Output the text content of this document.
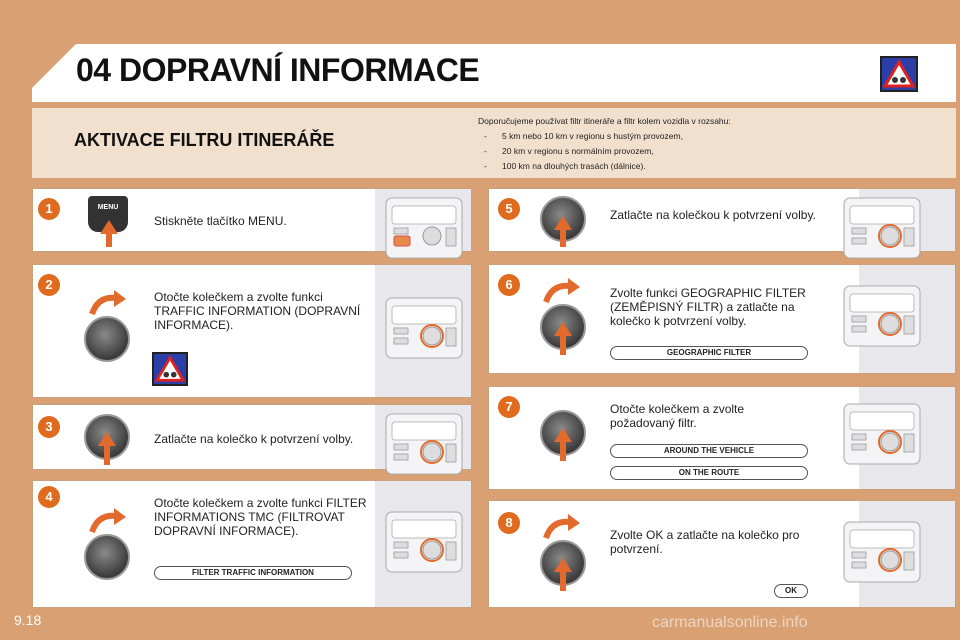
04 DOPRAVNÍ INFORMACE
AKTIVACE FILTRU ITINERÁŘE
Doporučujeme používat filtr itineráře a filtr kolem vozidla v rozsahu:
- 5 km nebo 10 km v regionu s hustým provozem,
- 20 km v regionu s normálním provozem,
- 100 km na dlouhých trasách (dálnice).
1	MENU
Stiskněte tlačítko MENU.
2
Otočte kolečkem a zvolte funkci TRAFFIC INFORMATION (DOPRAVNÍ INFORMACE).
3
Zatlačte na kolečko k potvrzení volby.
4	Otočte kolečkem a zvolte funkci FILTER INFORMATIONS TMC (FILTROVAT DOPRAVNÍ INFORMACE).
FILTER TRAFFIC INFORMATION
5	Zatlačte na kolečkou k potvrzení volby.
6
Zvolte funkci GEOGRAPHIC FILTER (ZEMĚPISNÝ FILTR) a zatlačte na kolečko k potvrzení volby.
GEOGRAPHIC FILTER
7	Otočte kolečkem a zvolte požadovaný filtr.
AROUND THE VEHICLE
ON THE ROUTE
8
Zvolte OK a zatlačte na kolečko pro potvrzení.
OK
9.18	carmanualsonline.info
